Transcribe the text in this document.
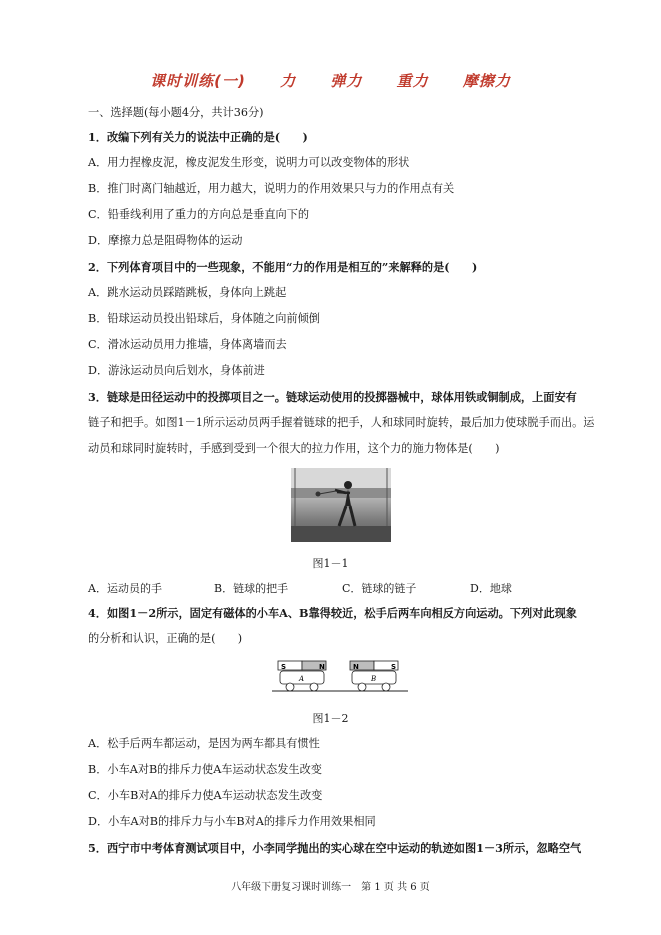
课时训练(一) 力 弹力 重力 摩擦力
一、选择题(每小题4分，共计36分)
1．改编下列有关力的说法中正确的是(　　)
A．用力捏橡皮泥，橡皮泥发生形变，说明力可以改变物体的形状
B．推门时离门轴越近，用力越大，说明力的作用效果只与力的作用点有关
C．铅垂线利用了重力的方向总是垂直向下的
D．摩擦力总是阻碍物体的运动
2．下列体育项目中的一些现象，不能用“力的作用是相互的”来解释的是(　　)
A．跳水运动员踩踏跳板，身体向上跳起
B．铅球运动员投出铅球后，身体随之向前倾倒
C．滑冰运动员用力推墙，身体离墙而去
D．游泳运动员向后划水，身体前进
3．链球是田径运动中的投掷项目之一。链球运动使用的投掷器械中，球体用铁或铜制成，上面安有
链子和把手。如图1－1所示运动员两手握着链球的把手，人和球同时旋转，最后加力使球脱手而出。运
动员和球同时旋转时，手感到受到一个很大的拉力作用，这个力的施力物体是(　　)
图1－1
A．运动员的手	B．链球的把手	C．链球的链子	D．地球
4．如图1－2所示，固定有磁体的小车A、B靠得较近，松手后两车向相反方向运动。下列对此现象
的分析和认识，正确的是(　　)
S	N
A
N	S
B
图1－2
A．松手后两车都运动，是因为两车都具有惯性
B．小车A对B的排斥力使A车运动状态发生改变
C．小车B对A的排斥力使A车运动状态发生改变
D．小车A对B的排斥力与小车B对A的排斥力作用效果相同
5．西宁市中考体育测试项目中，小李同学抛出的实心球在空中运动的轨迹如图1－3所示，忽略空气
八年级下册复习课时训练一　第 1 页 共 6 页
